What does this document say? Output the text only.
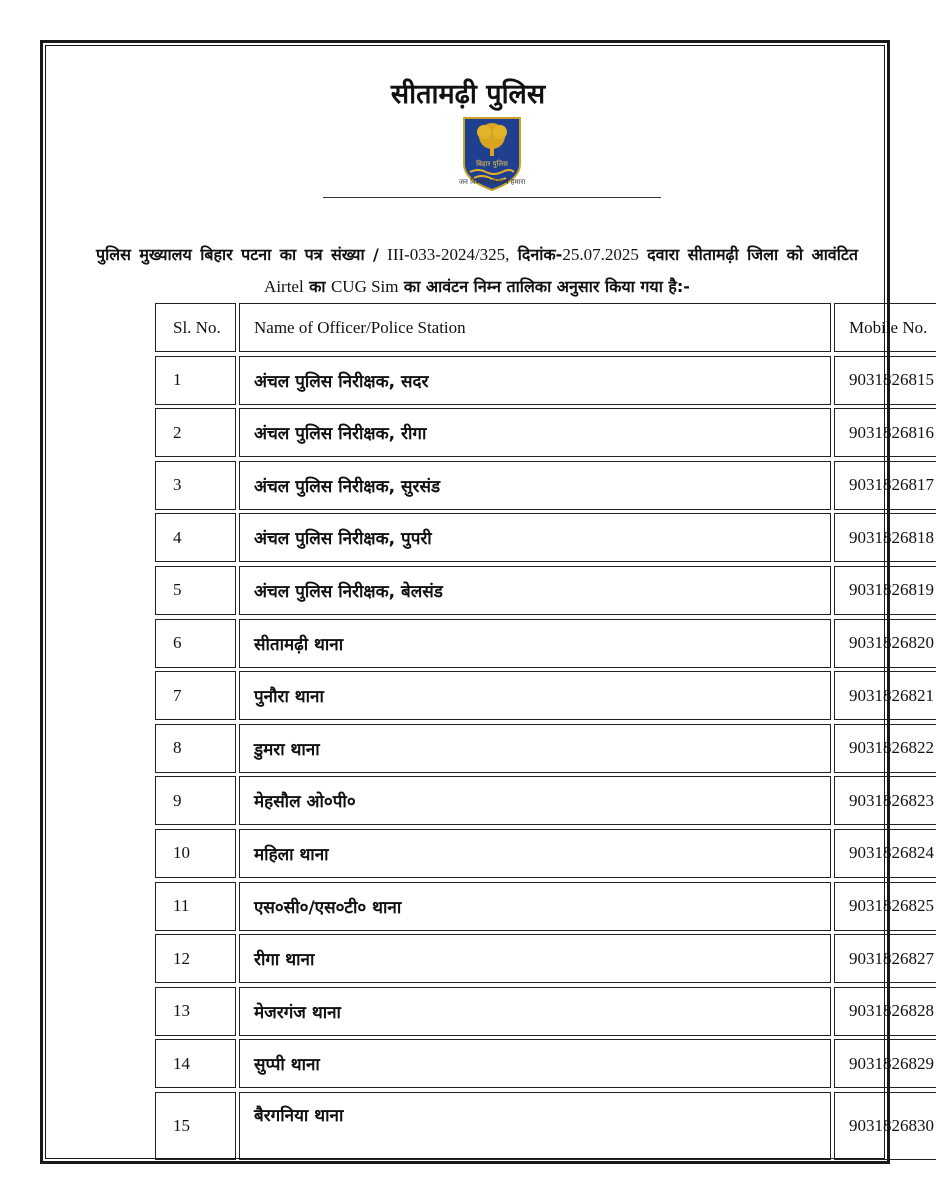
सीतामढ़ी पुलिस
बिहार पुलिस
जन विश्वास संकल्प हमारा

पुलिस मुख्यालय बिहार पटना का पत्र संख्या / III-033-2024/325, दिनांक-25.07.2025 दवारा सीतामढ़ी जिला को आवंटित Airtel का CUG Sim का आवंटन निम्न तालिका अनुसार किया गया है:-

Sl. No.	Name of Officer/Police Station	Mobile No.
1	अंचल पुलिस निरीक्षक, सदर	9031826815
2	अंचल पुलिस निरीक्षक, रीगा	9031826816
3	अंचल पुलिस निरीक्षक, सुरसंड	9031826817
4	अंचल पुलिस निरीक्षक, पुपरी	9031826818
5	अंचल पुलिस निरीक्षक, बेलसंड	9031826819
6	सीतामढ़ी थाना	9031826820
7	पुनौरा थाना	9031826821
8	डुमरा थाना	9031826822
9	मेहसौल ओ०पी०	9031826823
10	महिला थाना	9031826824
11	एस०सी०/एस०टी० थाना	9031826825
12	रीगा थाना	9031826827
13	मेजरगंज थाना	9031826828
14	सुप्पी थाना	9031826829
15	बैरगनिया थाना	9031826830
